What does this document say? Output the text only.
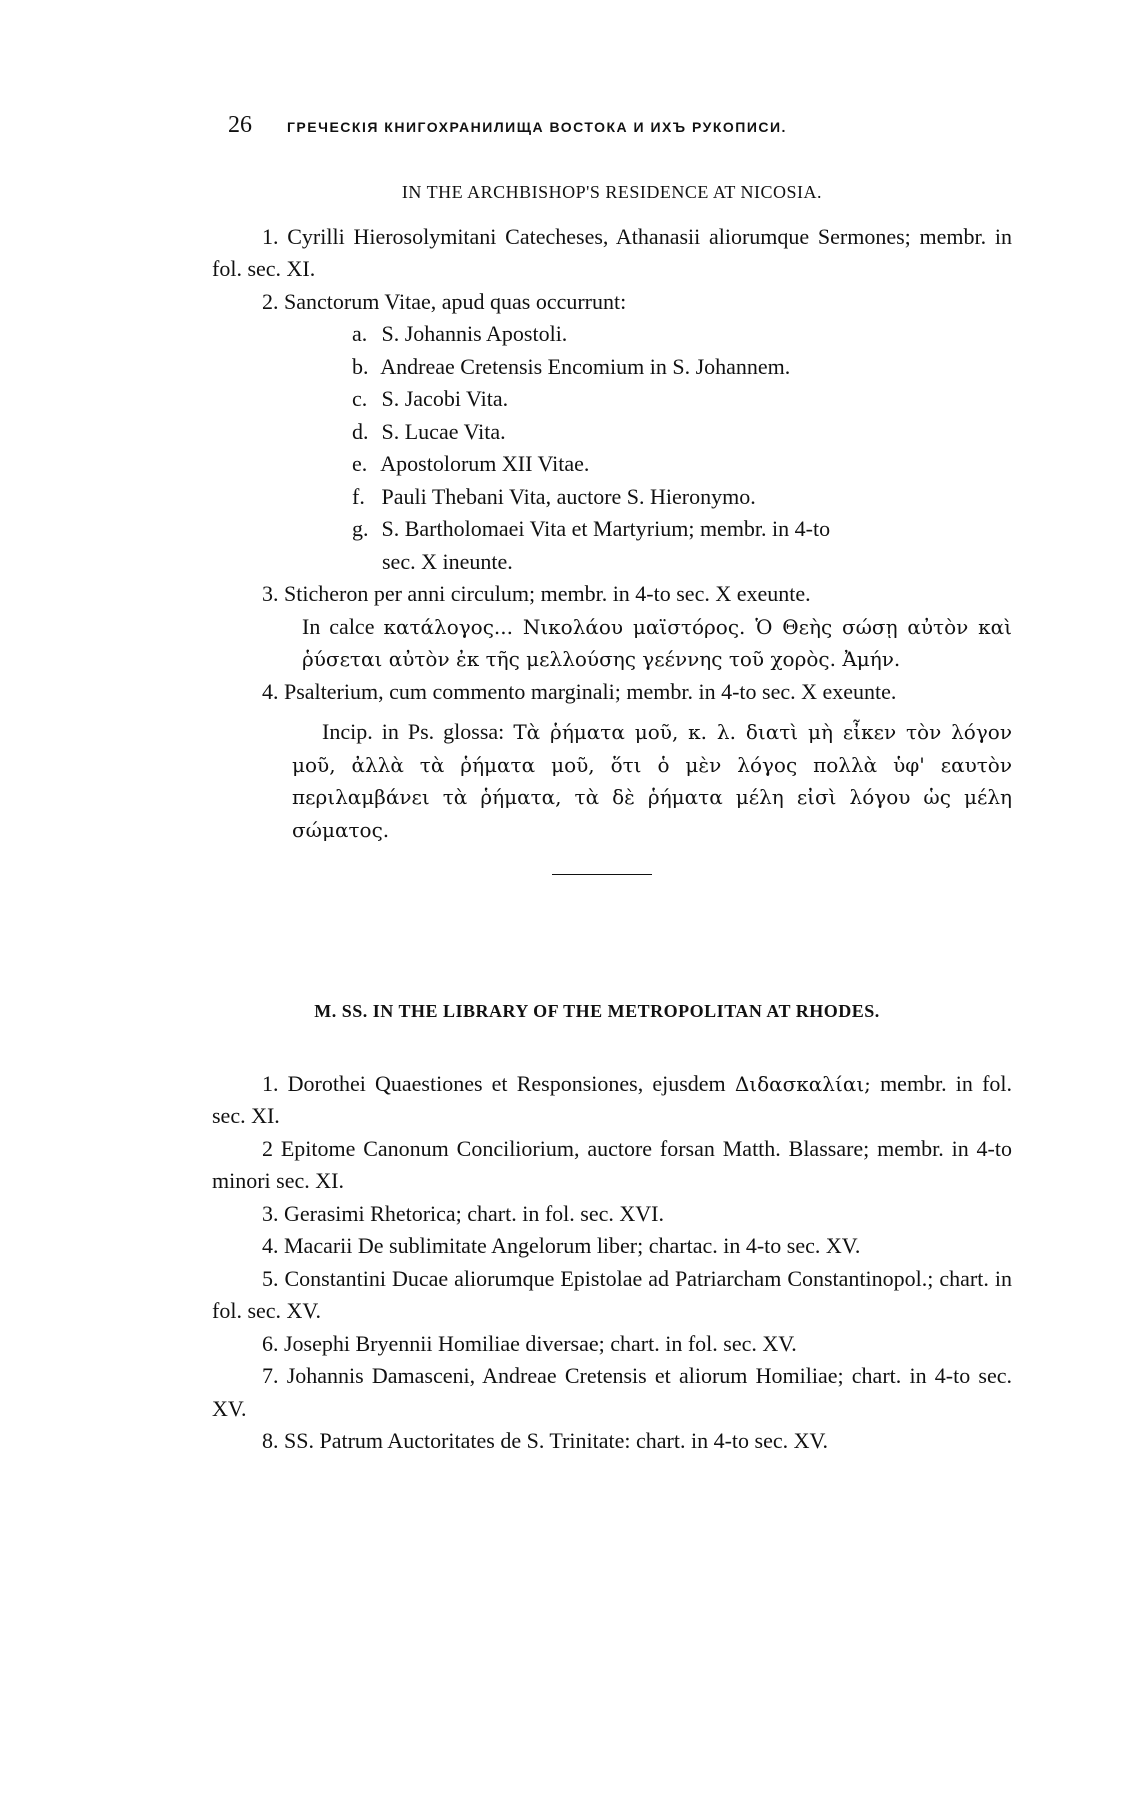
26	ГРЕЧЕСКІЯ КНИГОХРАНИЛИЩА ВОСТОКА И ИХЪ РУКОПИСИ.
IN THE ARCHBISHOP'S RESIDENCE AT NICOSIA.

1. Cyrilli Hierosolymitani Catecheses, Athanasii aliorumque Sermones; membr. in fol. sec. XI.

2. Sanctorum Vitae, apud quas occurrunt:

a. S. Johannis Apostoli.

b. Andreae Cretensis Encomium in S. Johannem.

c. S. Jacobi Vita.

d. S. Lucae Vita.

e. Apostolorum XII Vitae.

f. Pauli Thebani Vita, auctore S. Hieronymo.

g. S. Bartholomaei Vita et Martyrium; membr. in 4-to

sec. X ineunte.

3. Sticheron per anni circulum; membr. in 4-to sec. X exeunte.

In calce κατάλογος... Νικολάου μαϊστόρος. Ὁ Θεὴς σώσῃ αὐτὸν καὶ ῥύσεται αὐτὸν ἐκ τῆς μελλούσης γεέννης τοῦ χορὸς. Ἀμήν.

4. Psalterium, cum commento marginali; membr. in 4-to sec. X exeunte.

Incip. in Ps. glossa: Τὰ ῥήματα μοῦ, κ. λ. διατὶ μὴ εἶκεν τὸν λόγον μοῦ, ἀλλὰ τὰ ῥήματα μοῦ, ὅτι ὁ μὲν λόγος πολλὰ ὑφ' εαυτὸν περιλαμβάνει τὰ ῥήματα, τὰ δὲ ῥήματα μέλη εἰσὶ λόγου ὡς μέλη σώματος.

M. SS. IN THE LIBRARY OF THE METROPOLITAN AT RHODES.

1. Dorothei Quaestiones et Responsiones, ejusdem Διδασκαλίαι; membr. in fol. sec. XI.

2 Epitome Canonum Conciliorium, auctore forsan Matth. Blassare; membr. in 4-to minori sec. XI.

3. Gerasimi Rhetorica; chart. in fol. sec. XVI.

4. Macarii De sublimitate Angelorum liber; chartac. in 4-to sec. XV.

5. Constantini Ducae aliorumque Epistolae ad Patriarcham Constantinopol.; chart. in fol. sec. XV.

6. Josephi Bryennii Homiliae diversae; chart. in fol. sec. XV.

7. Johannis Damasceni, Andreae Cretensis et aliorum Homiliae; chart. in 4-to sec. XV.

8. SS. Patrum Auctoritates de S. Trinitate: chart. in 4-to sec. XV.
